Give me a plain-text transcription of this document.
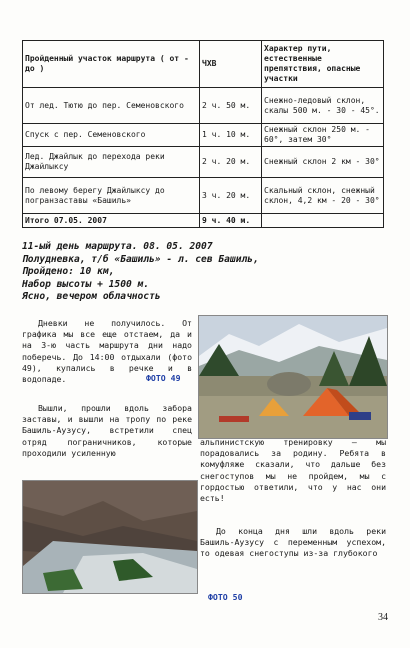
Пройденный участок маршрута ( от - до )	ЧХВ	Характер пути, естественные препятствия, опасные участки
От лед. Тютю до пер. Семеновского	2 ч. 50 м.	Снежно-ледовый склон, скалы 500 м. - 30 - 45°.
Спуск с пер. Семеновского	1 ч. 10 м.	Снежный склон 250 м. - 60°, затем 30°
Лед. Джайлык до перехода реки Джайлыксу	2 ч. 20 м.	Снежный склон 2 км - 30°
По левому берегу Джайлыксу до погранзаставы «Башиль»	3 ч. 20 м.	Скальный склон, снежный склон, 4,2 км - 20 - 30°
Итого 07.05. 2007	9 ч. 40 м.	
11-ый день маршрута. 08. 05. 2007
Полудневка, т/б «Башиль» - л. сев Башиль,
Пройдено: 10 км,
Набор высоты + 1500 м.
Ясно, вечером облачность
Дневки не получилось. От графика мы все еще отстаем, да и на 3-ю часть маршрута дни надо поберечь. До 14:00 отдыхали (фото 49), купались в речке и в водопаде.	ФОТО 49
Вышли, прошли вдоль забора заставы, и вышли на тропу по реке Башиль-Аузусу, встретили спец отряд пограничников, которые проходили усиленную
ФОТО 50
альпинистскую тренировку – мы порадовались за родину. Ребята в комуфляже сказали, что дальше без снегоступов мы не пройдем, мы с гордостью ответили, что у нас они есть!
До конца дня шли вдоль реки Башиль-Аузусу с переменным успехом, то одевая снегоступы из-за глубокого
34
